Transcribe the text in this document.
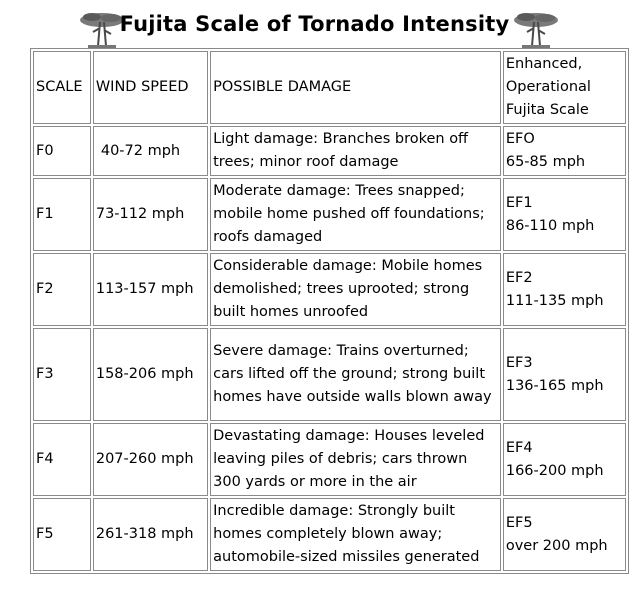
Fujita Scale of Tornado Intensity
SCALE	WIND SPEED	POSSIBLE DAMAGE	Enhanced,
Operational
Fujita Scale

F0	40-72 mph	Light damage: Branches broken off trees; minor roof damage	EFO
65-85 mph

F1	73-112 mph	Moderate damage: Trees snapped; mobile home pushed off foundations; roofs damaged	EF1
86-110 mph

F2	113-157 mph	Considerable damage: Mobile homes demolished; trees uprooted; strong built homes unroofed	EF2
111-135 mph

F3	158-206 mph	Severe damage: Trains overturned; cars lifted off the ground; strong built homes have outside walls blown away	EF3
136-165 mph

F4	207-260 mph	Devastating damage: Houses leveled leaving piles of debris; cars thrown 300 yards or more in the air	EF4
166-200 mph

F5	261-318 mph	Incredible damage: Strongly built homes completely blown away; automobile-sized missiles generated	EF5
over 200 mph
